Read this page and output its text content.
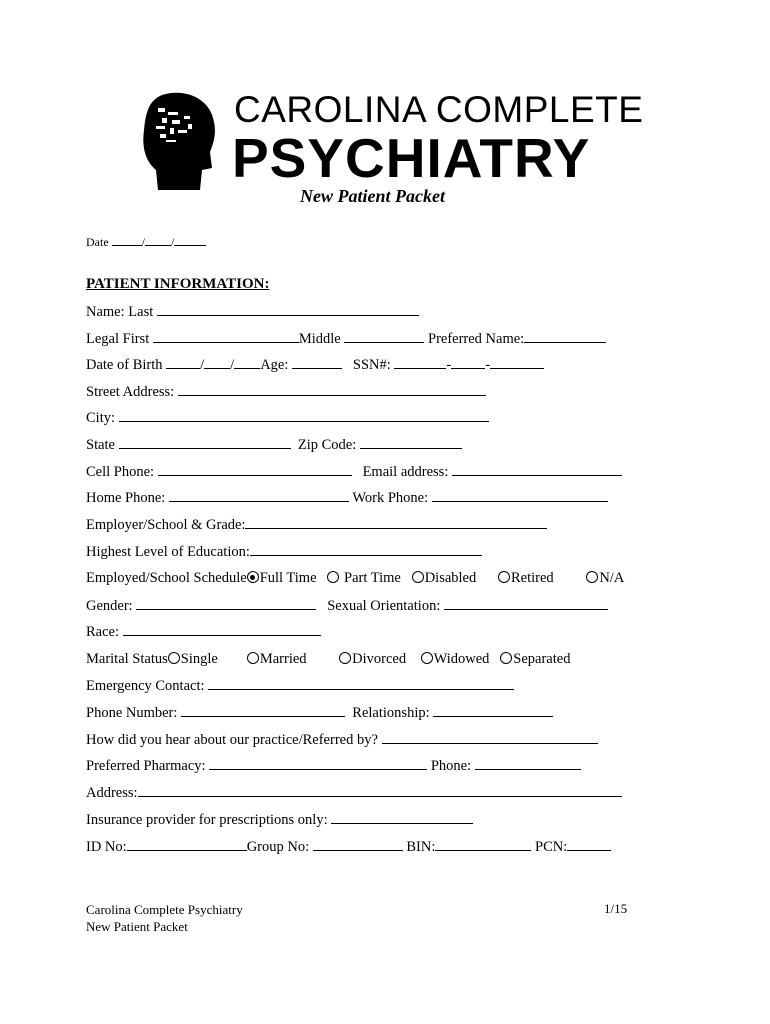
CAROLINA COMPLETE
PSYCHIATRY
New Patient Packet
Date	/ /
PATIENT INFORMATION:
Name: Last
Legal First	Middle	Preferred Name:
Date of Birth	/ / Age:	SSN#:	- -
Street Address:
City:
State	Zip Code:
Cell Phone:	Email address:
Home Phone:	Work Phone:
Employer/School & Grade:
Highest Level of Education:
Employed/School Schedule Full Time Part Time Disabled Retired	N/A
Gender:	Sexual Orientation:
Race:
Marital Status Single	Married	Divorced Widowed Separated
Emergency Contact:
Phone Number:	Relationship:
How did you hear about our practice/Referred by?
Preferred Pharmacy:	Phone:
Address:
Insurance provider for prescriptions only:
ID No:	Group No:	BIN:	PCN:
Carolina Complete Psychiatry
New Patient Packet
1/15
